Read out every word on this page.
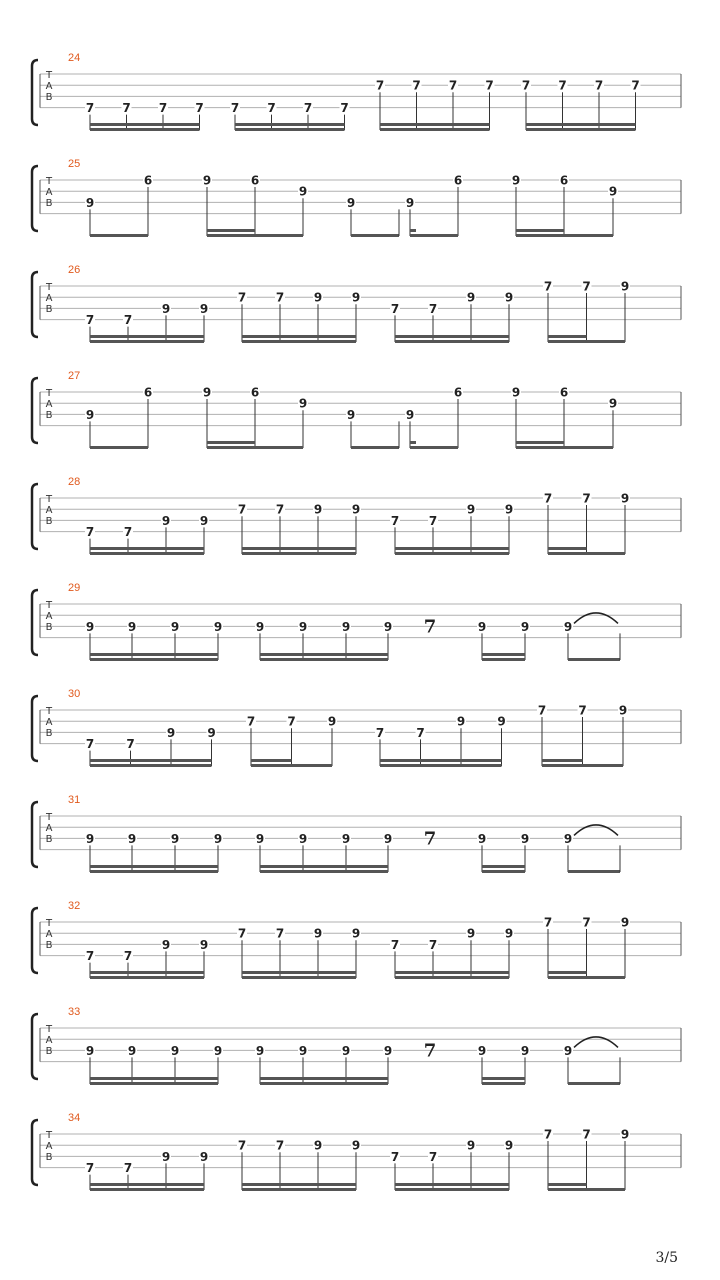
T
A
B
24
7 7 7 7 7 7 7 7
7 7 7 7 7 7 7 7
T
A
B
25
9
6	9	6
9
9	9
6	9	6
9
T
A
B
26
7 7
9 9
7 7 9 9
7 7
9 9
7	7	9
T
A
B
27
9
6	9	6
9
9	9
6	9	6
9
T
A
B
28
7 7
9 9
7 7 9 9
7 7
9 9
7	7	9
T
A
B
29
9	9	9	9	9	9	9	9 7	9	9	9
T
A
B
30
7	7
9	9
7	7	9
7	7
9	9
7	7	9
T
A
B
31
9	9	9	9	9	9	9	9 7	9	9	9
T
A
B
32
7 7
9 9
7 7 9 9
7 7
9 9
7	7	9
T
A
B
33
9	9	9	9	9	9	9	9 7	9	9	9
T
A
B
34
7 7
9 9
7 7 9 9
7 7
9 9
7	7	9
3/5
